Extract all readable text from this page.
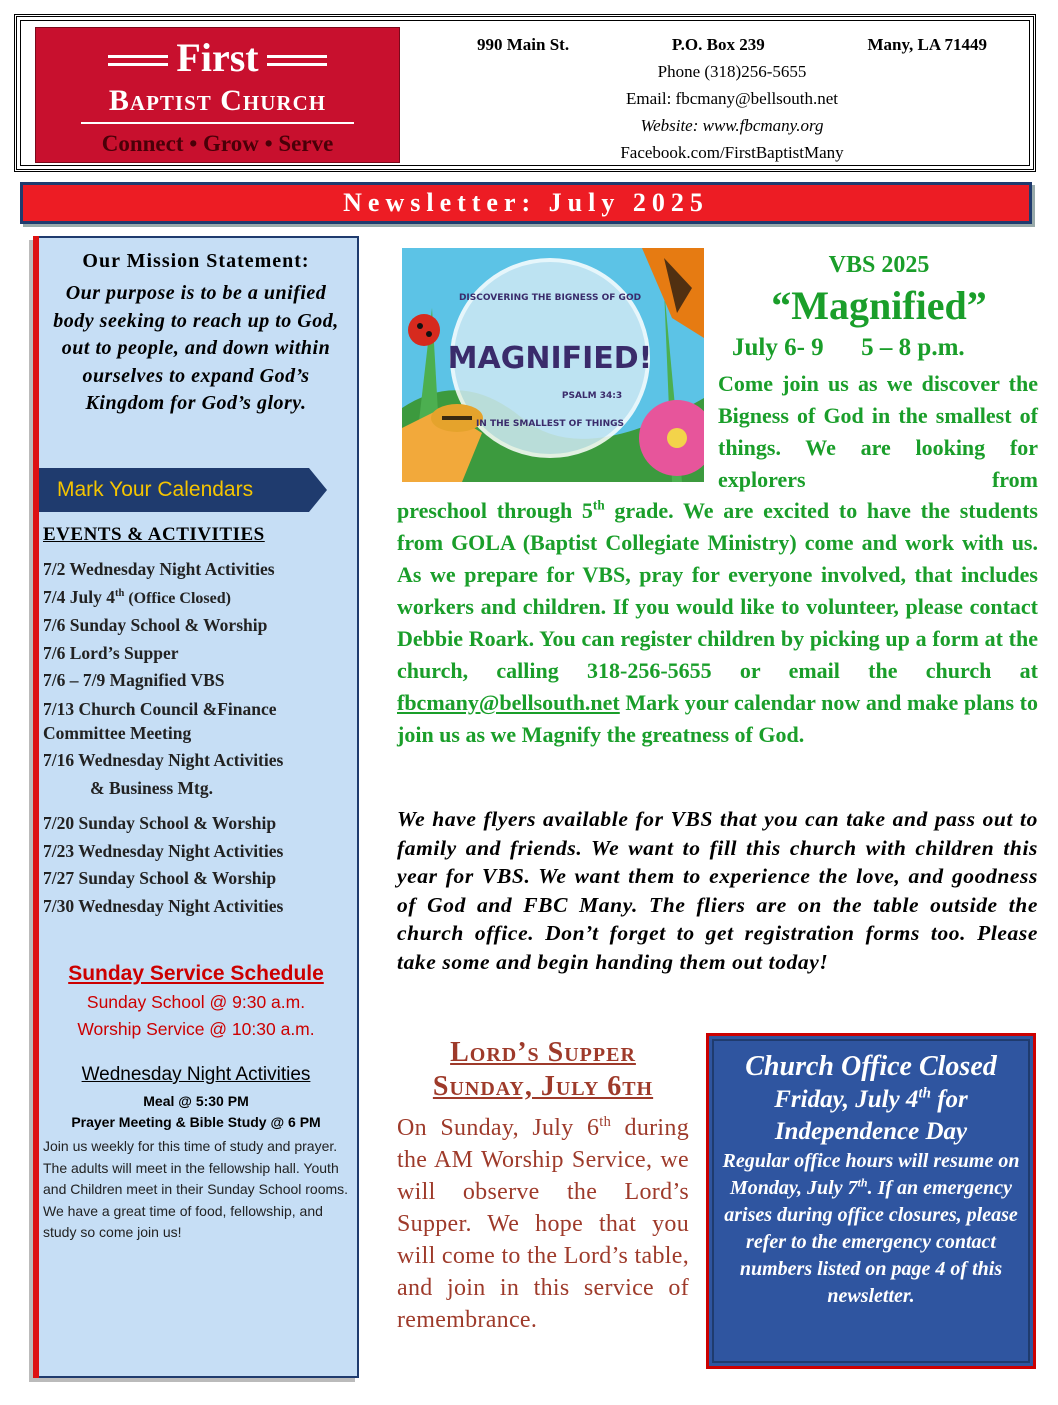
First
Baptist Church
Connect • Grow • Serve
990 Main St.	P.O. Box 239	Many, LA 71449
Phone (318)256-5655
Email: fbcmany@bellsouth.net
Website: www.fbcmany.org
Facebook.com/FirstBaptistMany
Newsletter: July 2025
Our Mission Statement:
Our purpose is to be a unified body seeking to reach up to God, out to people, and down within ourselves to expand God’s Kingdom for God’s glory.
Mark Your Calendars
EVENTS & ACTIVITIES
7/2 Wednesday Night Activities
7/4 July 4th (Office Closed)
7/6 Sunday School & Worship
7/6 Lord’s Supper
7/6 – 7/9 Magnified VBS
7/13 Church Council &Finance Committee Meeting
7/16 Wednesday Night Activities
& Business Mtg.
7/20 Sunday School & Worship
7/23 Wednesday Night Activities
7/27 Sunday School & Worship
7/30 Wednesday Night Activities
Sunday Service Schedule
Sunday School @ 9:30 a.m.
Worship Service @ 10:30 a.m.
Wednesday Night Activities
Meal @ 5:30 PM
Prayer Meeting & Bible Study @ 6 PM
Join us weekly for this time of study and prayer. The adults will meet in the fellowship hall. Youth and Children meet in their Sunday School rooms. We have a great time of food, fellowship, and study so come join us!
MAGNIFIED!
DISCOVERING THE BIGNESS OF GOD
PSALM 34:3
IN THE SMALLEST OF THINGS
VBS 2025
“Magnified”
July 6- 9      5 – 8 p.m.
Come join us as we discover the Bigness of God in the smallest of things. We are looking for explorers from
preschool through 5th grade. We are excited to have the students from GOLA (Baptist Collegiate Ministry) come and work with us. As we prepare for VBS, pray for everyone involved, that includes workers and children. If you would like to volunteer, please contact Debbie Roark. You can register children by picking up a form at the church, calling 318-256-5655 or email the church at fbcmany@bellsouth.net Mark your calendar now and make plans to join us as we Magnify the greatness of God.
We have flyers available for VBS that you can take and pass out to family and friends. We want to fill this church with children this year for VBS. We want them to experience the love, and goodness of God and FBC Many. The fliers are on the table outside the church office. Don’t forget to get registration forms too. Please take some and begin handing them out today!
Lord’s Supper
Sunday, July 6th
On Sunday, July 6th during the AM Worship Service, we will observe the Lord’s Supper. We hope that you will come to the Lord’s table, and join in this service of remembrance.
Church Office Closed
Friday, July 4th for
Independence Day
Regular office hours will resume on Monday, July 7th. If an emergency arises during office closures, please refer to the emergency contact numbers listed on page 4 of this newsletter.
